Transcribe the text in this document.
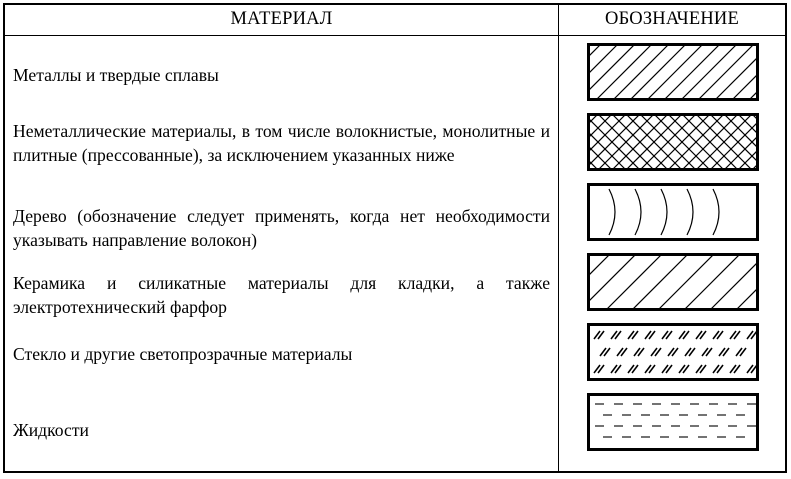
МАТЕРИАЛ	ОБОЗНАЧЕНИЕ
Металлы и твердые сплавы
Неметаллические материалы, в том числе волокнистые, монолитные и плитные (прессованные), за исключением указанных ниже
Дерево (обозначение следует применять, когда нет необходимости указывать направление волокон)
Керамика и силикатные материалы для кладки, а также электротехнический фарфор
Стекло и другие светопрозрачные материалы
Жидкости
